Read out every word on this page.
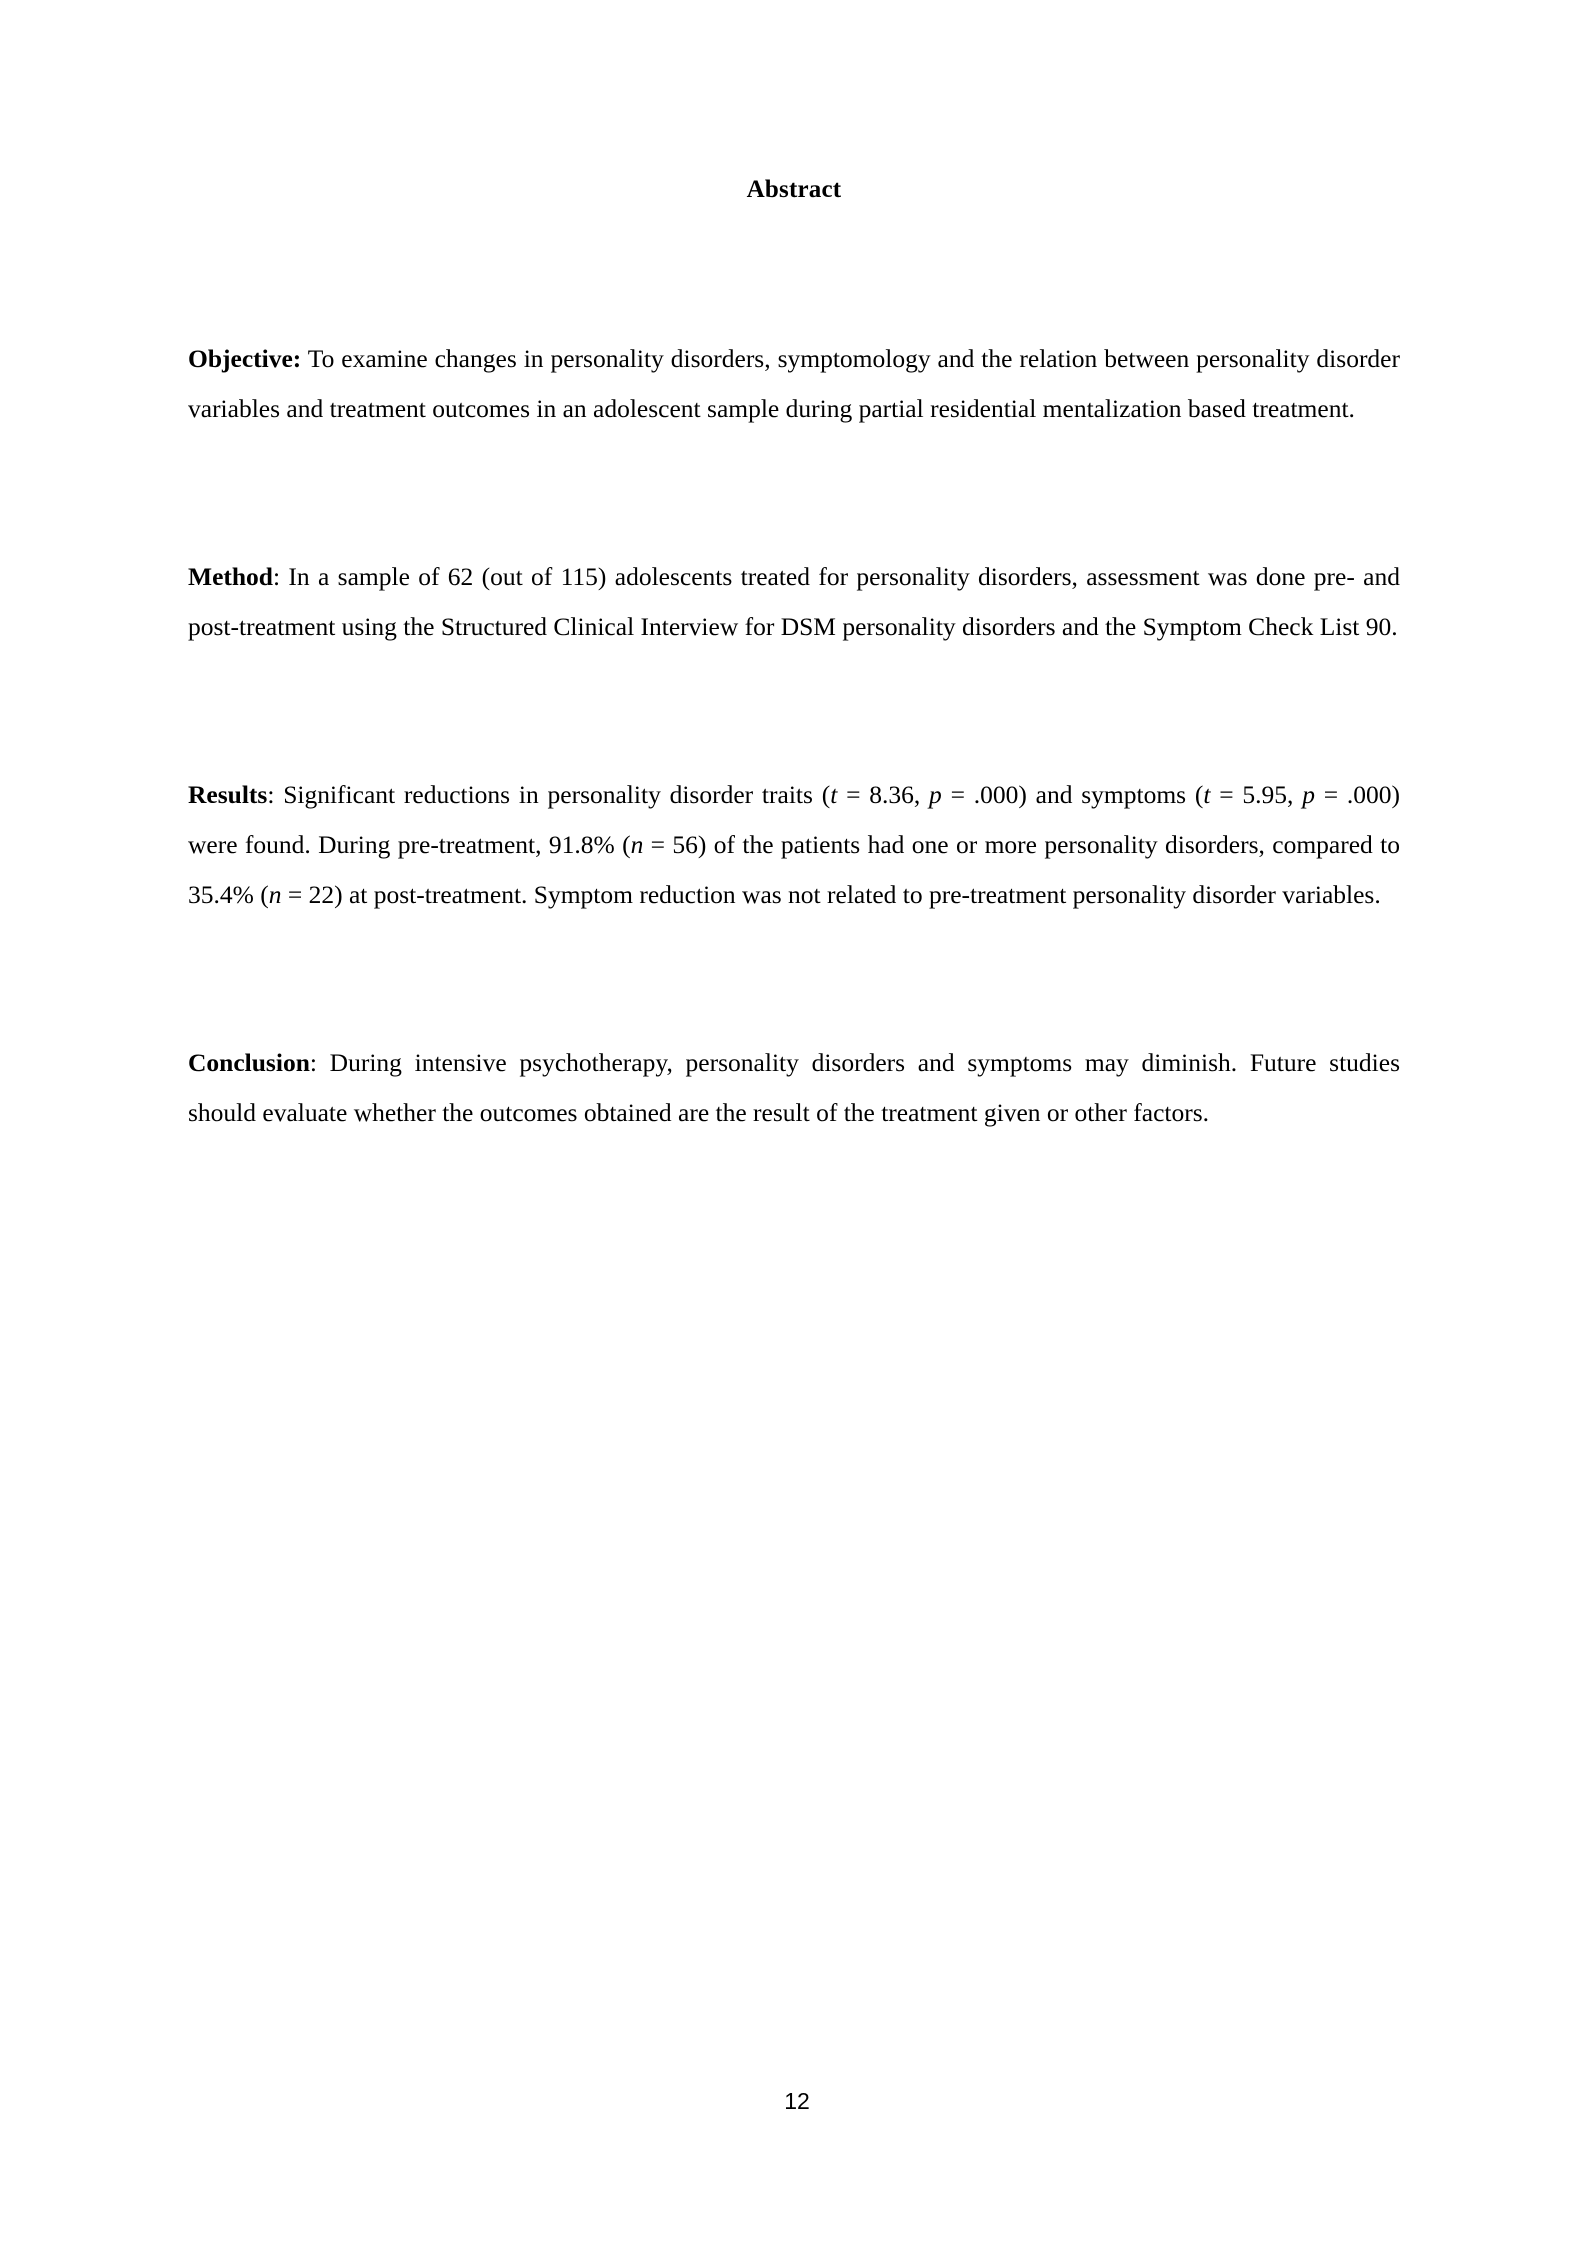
Abstract

Objective: To examine changes in personality disorders, symptomology and the relation between personality disorder variables and treatment outcomes in an adolescent sample during partial residential mentalization based treatment.

Method: In a sample of 62 (out of 115) adolescents treated for personality disorders, assessment was done pre- and post-treatment using the Structured Clinical Interview for DSM personality disorders and the Symptom Check List 90.

Results: Significant reductions in personality disorder traits (t = 8.36, p = .000) and symptoms (t = 5.95, p = .000) were found. During pre-treatment, 91.8% (n = 56) of the patients had one or more personality disorders, compared to 35.4% (n = 22) at post-treatment. Symptom reduction was not related to pre-treatment personality disorder variables.

Conclusion: During intensive psychotherapy, personality disorders and symptoms may diminish. Future studies should evaluate whether the outcomes obtained are the result of the treatment given or other factors.

12
